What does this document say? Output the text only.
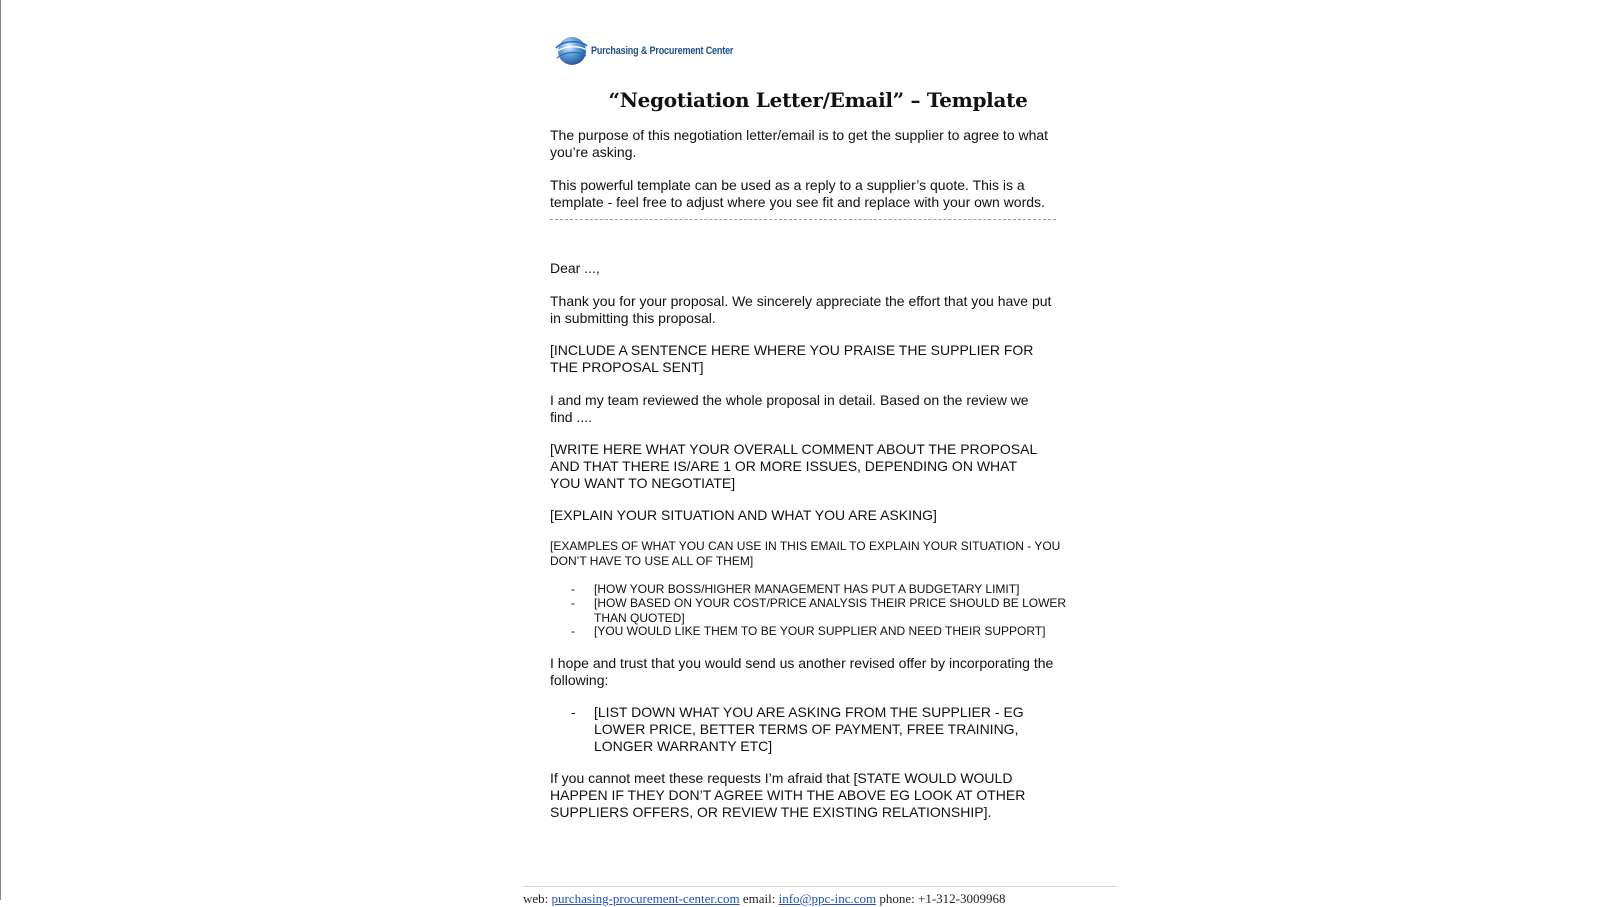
Purchasing & Procurement Center
“Negotiation Letter/Email” – Template

The purpose of this negotiation letter/email is to get the supplier to agree to what
you’re asking.

This powerful template can be used as a reply to a supplier’s quote. This is a
template - feel free to adjust where you see fit and replace with your own words.

Dear ...,

Thank you for your proposal. We sincerely appreciate the effort that you have put
in submitting this proposal.

[INCLUDE A SENTENCE HERE WHERE YOU PRAISE THE SUPPLIER FOR
THE PROPOSAL SENT]

I and my team reviewed the whole proposal in detail. Based on the review we
find ....

[WRITE HERE WHAT YOUR OVERALL COMMENT ABOUT THE PROPOSAL
AND THAT THERE IS/ARE 1 OR MORE ISSUES, DEPENDING ON WHAT
YOU WANT TO NEGOTIATE]

[EXPLAIN YOUR SITUATION AND WHAT YOU ARE ASKING]

[EXAMPLES OF WHAT YOU CAN USE IN THIS EMAIL TO EXPLAIN YOUR SITUATION - YOU
DON’T HAVE TO USE ALL OF THEM]

-	[HOW YOUR BOSS/HIGHER MANAGEMENT HAS PUT A BUDGETARY LIMIT]
-	[HOW BASED ON YOUR COST/PRICE ANALYSIS THEIR PRICE SHOULD BE LOWER
THAN QUOTED]
-	[YOU WOULD LIKE THEM TO BE YOUR SUPPLIER AND NEED THEIR SUPPORT]

I hope and trust that you would send us another revised offer by incorporating the
following:

-	[LIST DOWN WHAT YOU ARE ASKING FROM THE SUPPLIER - EG
LOWER PRICE, BETTER TERMS OF PAYMENT, FREE TRAINING,
LONGER WARRANTY ETC]

If you cannot meet these requests I’m afraid that [STATE WOULD WOULD
HAPPEN IF THEY DON’T AGREE WITH THE ABOVE EG LOOK AT OTHER
SUPPLIERS OFFERS, OR REVIEW THE EXISTING RELATIONSHIP].

web: purchasing-procurement-center.com email: info@ppc-inc.com phone: +1-312-3009968
